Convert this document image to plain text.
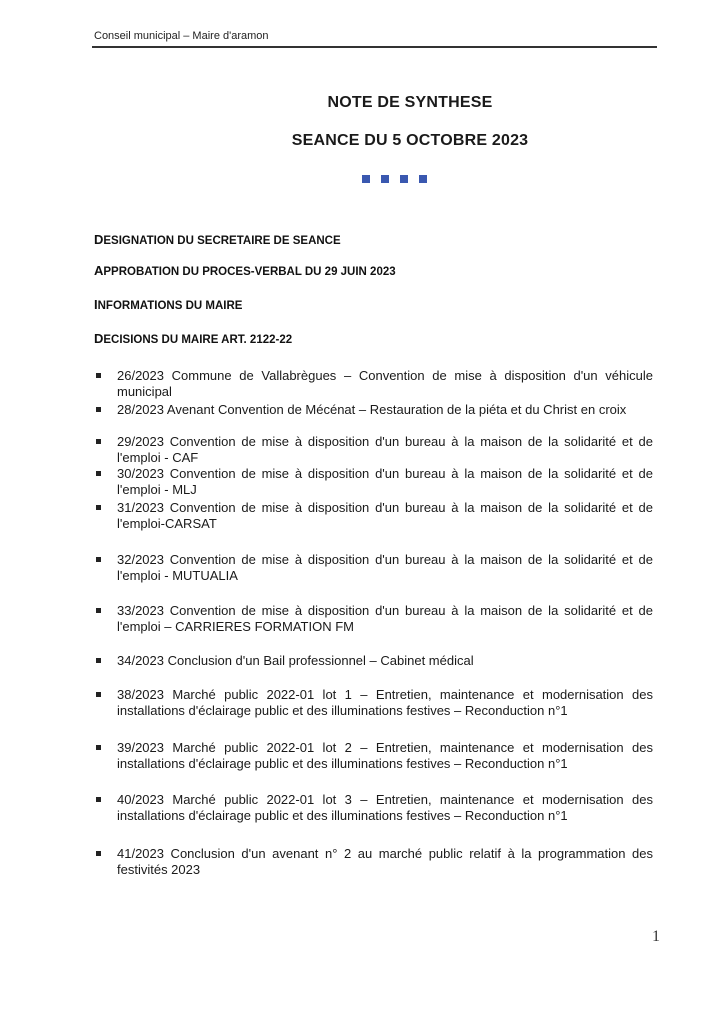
Conseil municipal – Maire d'aramon
NOTE DE SYNTHESE
SEANCE DU 5 OCTOBRE 2023
DESIGNATION DU SECRETAIRE DE SEANCE
APPROBATION DU PROCES-VERBAL DU 29 JUIN 2023
INFORMATIONS DU MAIRE
DECISIONS DU MAIRE ART. 2122-22
26/2023 Commune de Vallabrègues – Convention de mise à disposition d'un véhicule municipal
28/2023 Avenant Convention de Mécénat – Restauration de la piéta et du Christ en croix
29/2023 Convention de mise à disposition d'un bureau à la maison de la solidarité et de l'emploi - CAF
30/2023 Convention de mise à disposition d'un bureau à la maison de la solidarité et de l'emploi - MLJ
31/2023 Convention de mise à disposition d'un bureau à la maison de la solidarité et de l'emploi-CARSAT
32/2023 Convention de mise à disposition d'un bureau à la maison de la solidarité et de l'emploi - MUTUALIA
33/2023 Convention de mise à disposition d'un bureau à la maison de la solidarité et de l'emploi – CARRIERES FORMATION FM
34/2023 Conclusion d'un Bail professionnel – Cabinet médical
38/2023 Marché public 2022-01 lot 1 – Entretien, maintenance et modernisation des installations d'éclairage public et des illuminations festives – Reconduction n°1
39/2023 Marché public 2022-01 lot 2 – Entretien, maintenance et modernisation des installations d'éclairage public et des illuminations festives – Reconduction n°1
40/2023 Marché public 2022-01 lot 3 – Entretien, maintenance et modernisation des installations d'éclairage public et des illuminations festives – Reconduction n°1
41/2023 Conclusion d'un avenant n° 2 au marché public relatif à la programmation des festivités 2023
1
